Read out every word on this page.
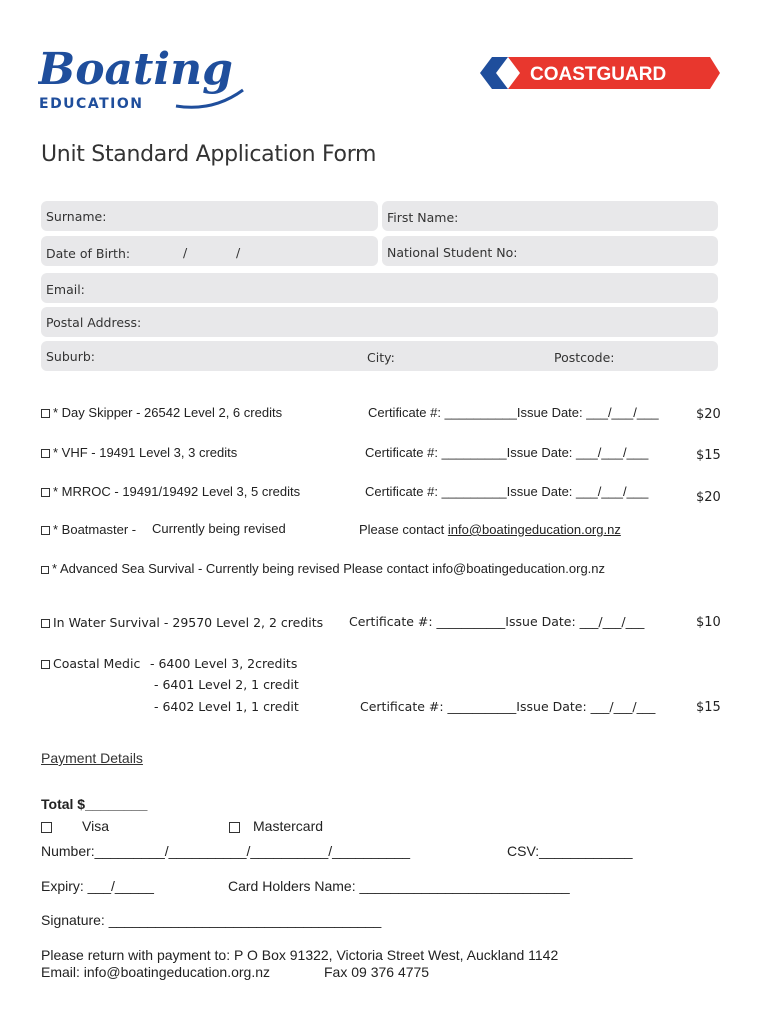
Boating
EDUCATION
COASTGUARD
Unit Standard Application Form
Surname:	First Name:
Date of Birth:	/	/	National Student No:
Email:
Postal Address:
Suburb:	City:	Postcode:
* Day Skipper - 26542 Level 2, 6 credits	Certificate #: __________Issue Date: ___/___/___	$20
* VHF - 19491 Level 3, 3 credits	Certificate #: _________Issue Date: ___/___/___	$15
* MRROC - 19491/19492 Level 3, 5 credits	Certificate #: _________Issue Date: ___/___/___	$20
* Boatmaster - Currently being revised	Please contact info@boatingeducation.org.nz
* Advanced Sea Survival - Currently being revised Please contact info@boatingeducation.org.nz
In Water Survival - 29570 Level 2, 2 credits Certificate #: ___________Issue Date: ___/___/___	$10
Coastal Medic - 6400 Level 3, 2credits
- 6401 Level 2, 1 credit
- 6402 Level 1, 1 credit	Certificate #: ___________Issue Date: ___/___/___	$15
Payment Details
Total $________
Visa	Mastercard
Number:_________/__________/__________/__________	CSV:____________
Expiry: ___/_____	Card Holders Name: ___________________________
Signature: ___________________________________
Please return with payment to: P O Box 91322, Victoria Street West, Auckland 1142
Email: info@boatingeducation.org.nz	Fax 09 376 4775
